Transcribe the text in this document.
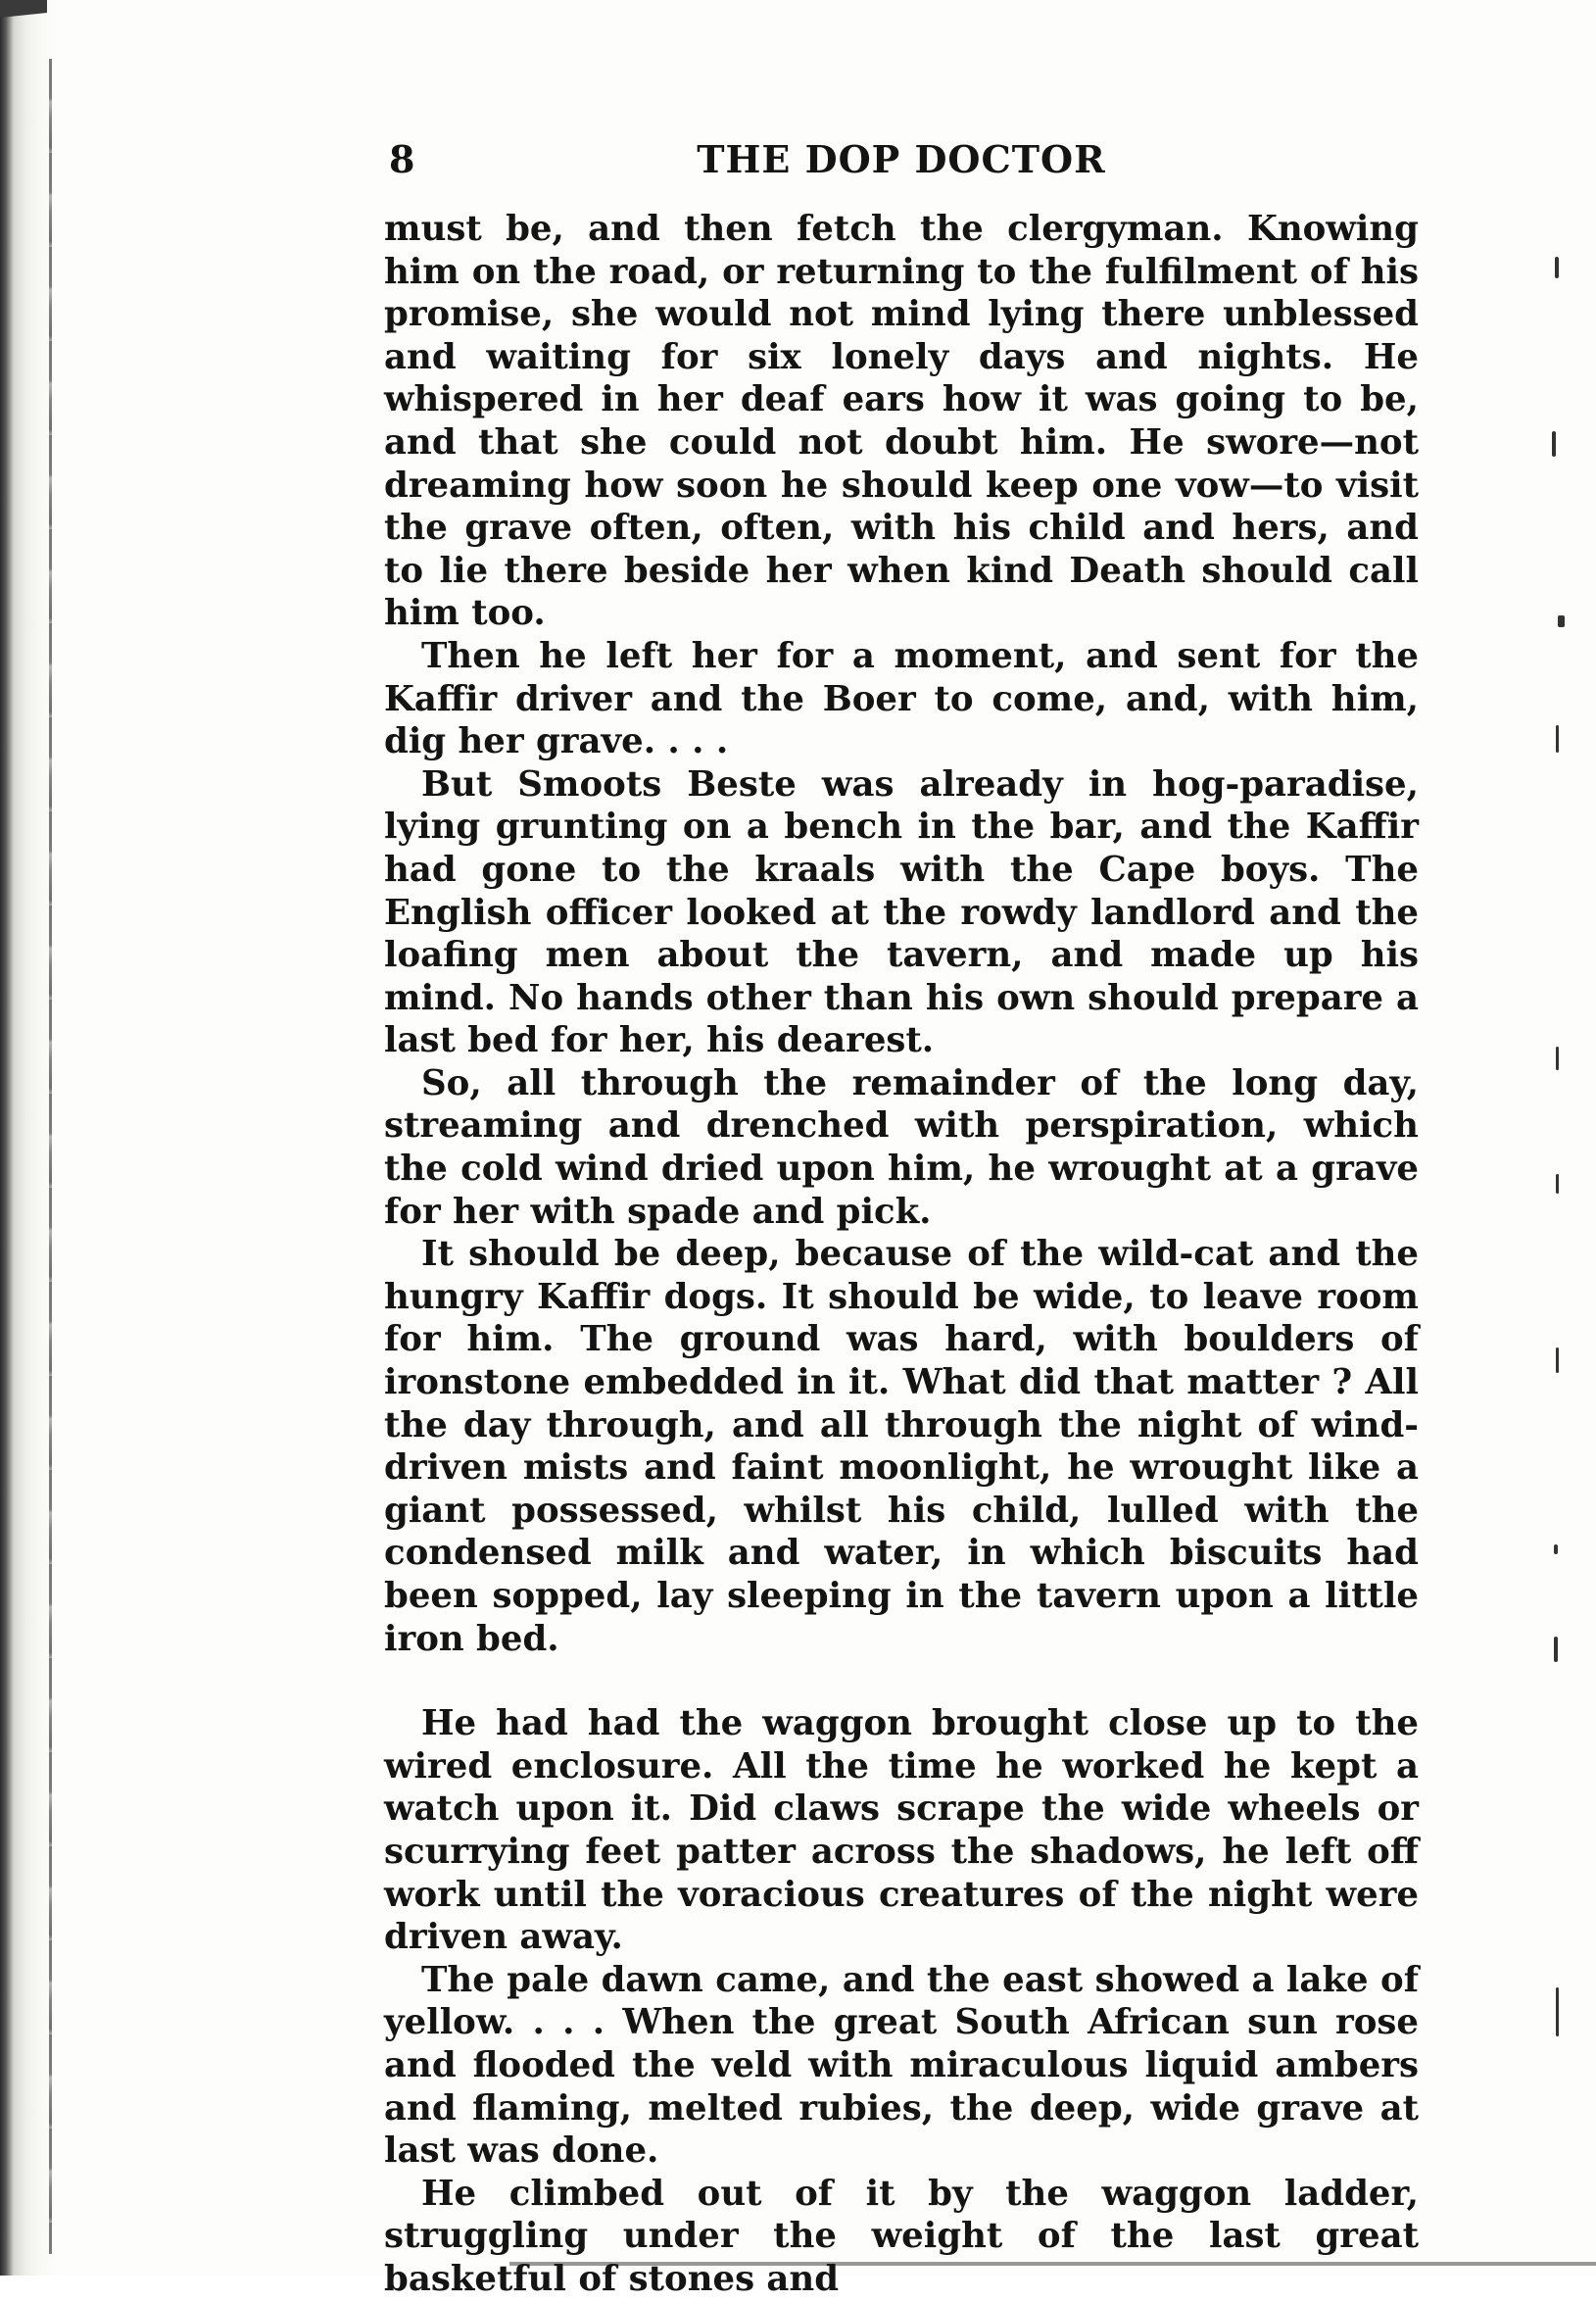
8	THE DOP DOCTOR

must be, and then fetch the clergyman. Knowing him on the road, or returning to the fulfilment of his promise, she would not mind lying there unblessed and waiting for six lonely days and nights. He whispered in her deaf ears how it was going to be, and that she could not doubt him. He swore—not dreaming how soon he should keep one vow—to visit the grave often, often, with his child and hers, and to lie there beside her when kind Death should call him too.

Then he left her for a moment, and sent for the Kaffir driver and the Boer to come, and, with him, dig her grave. . . .

But Smoots Beste was already in hog-paradise, lying grunting on a bench in the bar, and the Kaffir had gone to the kraals with the Cape boys. The English officer looked at the rowdy landlord and the loafing men about the tavern, and made up his mind. No hands other than his own should prepare a last bed for her, his dearest.

So, all through the remainder of the long day, streaming and drenched with perspiration, which the cold wind dried upon him, he wrought at a grave for her with spade and pick.

It should be deep, because of the wild-cat and the hungry Kaffir dogs. It should be wide, to leave room for him. The ground was hard, with boulders of ironstone embedded in it. What did that matter ? All the day through, and all through the night of wind-driven mists and faint moonlight, he wrought like a giant possessed, whilst his child, lulled with the condensed milk and water, in which biscuits had been sopped, lay sleeping in the tavern upon a little iron bed.

He had had the waggon brought close up to the wired enclosure. All the time he worked he kept a watch upon it. Did claws scrape the wide wheels or scurrying feet patter across the shadows, he left off work until the voracious creatures of the night were driven away.

The pale dawn came, and the east showed a lake of yellow. . . . When the great South African sun rose and flooded the veld with miraculous liquid ambers and flaming, melted rubies, the deep, wide grave at last was done.

He climbed out of it by the waggon ladder, struggling under the weight of the last great basketful of stones and
